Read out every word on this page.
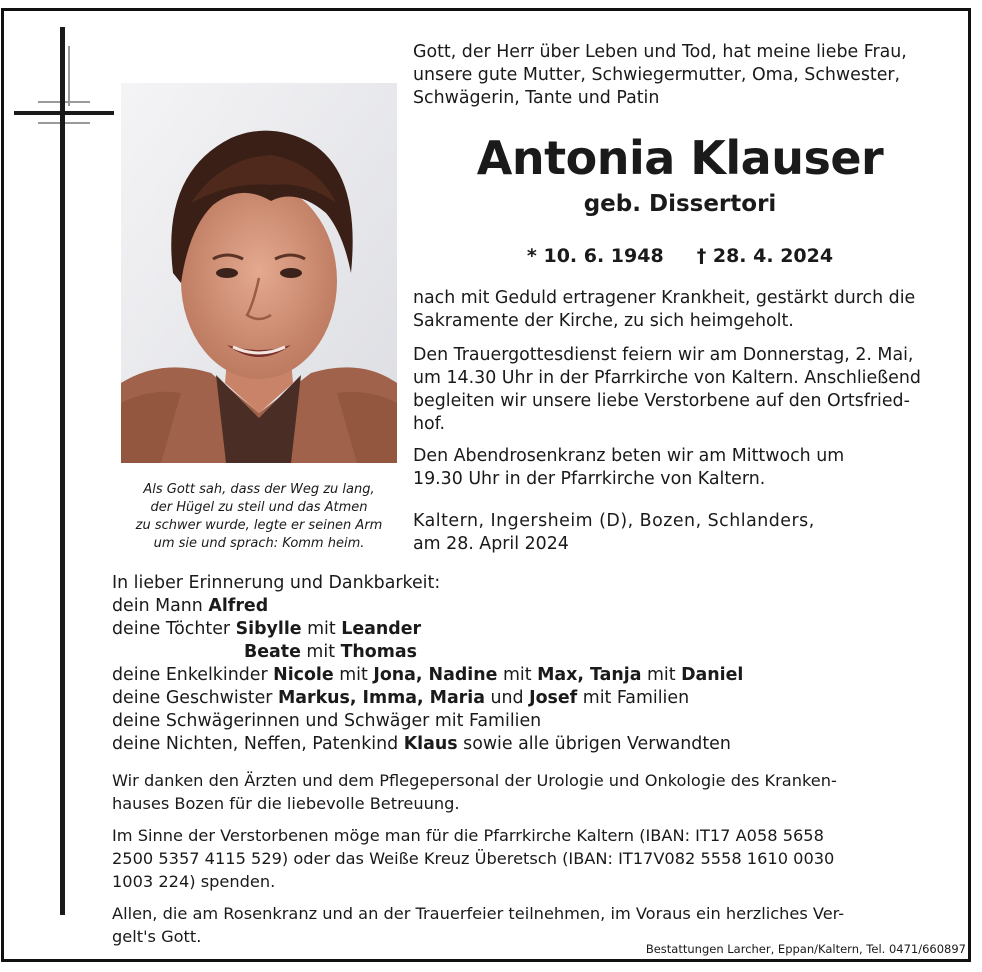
Als Gott sah, dass der Weg zu lang,
der Hügel zu steil und das Atmen
zu schwer wurde, legte er seinen Arm
um sie und sprach: Komm heim.
Gott, der Herr über Leben und Tod, hat meine liebe Frau,
unsere gute Mutter, Schwiegermutter, Oma, Schwester,
Schwägerin, Tante und Patin
Antonia Klauser
geb. Dissertori
* 10. 6. 1948     † 28. 4. 2024
nach mit Geduld ertragener Krankheit, gestärkt durch die
Sakramente der Kirche, zu sich heimgeholt.
Den Trauergottesdienst feiern wir am Donnerstag, 2. Mai,
um 14.30 Uhr in der Pfarrkirche von Kaltern. Anschließend
begleiten wir unsere liebe Verstorbene auf den Ortsfried-
hof.
Den Abendrosenkranz beten wir am Mittwoch um
19.30 Uhr in der Pfarrkirche von Kaltern.
Kaltern, Ingersheim (D), Bozen, Schlanders,
am 28. April 2024
In lieber Erinnerung und Dankbarkeit:
dein Mann Alfred
deine Töchter Sibylle mit Leander
Beate mit Thomas
deine Enkelkinder Nicole mit Jona, Nadine mit Max, Tanja mit Daniel
deine Geschwister Markus, Imma, Maria und Josef mit Familien
deine Schwägerinnen und Schwäger mit Familien
deine Nichten, Neffen, Patenkind Klaus sowie alle übrigen Verwandten
Wir danken den Ärzten und dem Pflegepersonal der Urologie und Onkologie des Kranken-
hauses Bozen für die liebevolle Betreuung.
Im Sinne der Verstorbenen möge man für die Pfarrkirche Kaltern (IBAN: IT17 A058 5658
2500 5357 4115 529) oder das Weiße Kreuz Überetsch (IBAN: IT17V082 5558 1610 0030
1003 224) spenden.
Allen, die am Rosenkranz und an der Trauerfeier teilnehmen, im Voraus ein herzliches Ver-
gelt's Gott.
Bestattungen Larcher, Eppan/Kaltern, Tel. 0471/660897
